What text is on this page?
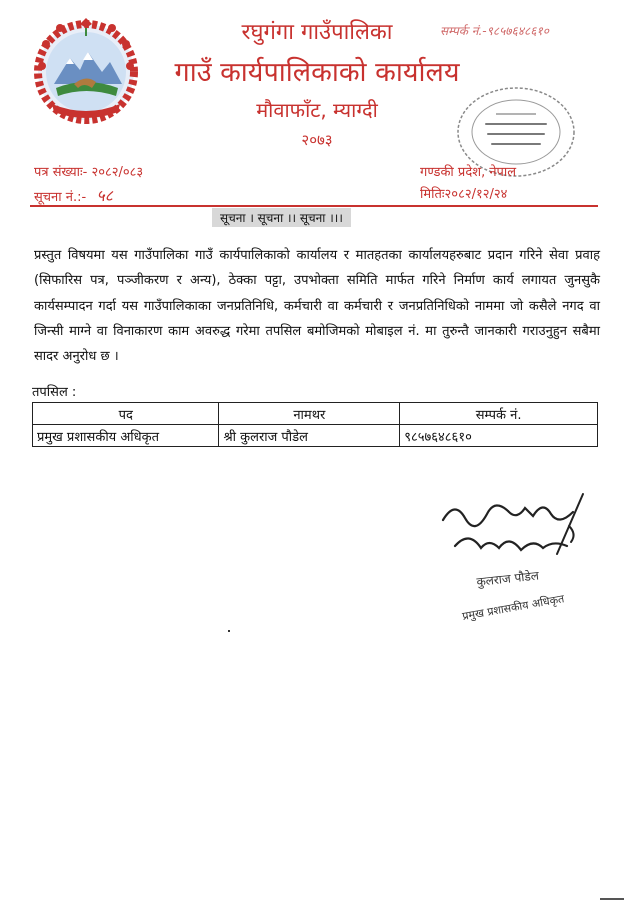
रघुगंगा गाउँपालिका
गाउँ कार्यपालिकाको कार्यालय
मौवाफाँट, म्याग्दी
२०७३
सम्पर्क नं.-९८५७६४८६१०
पत्र संख्याः- २०८२/०८३
सूचना नं.:- ५८
गण्डकी प्रदेश, नेपाल
मितिः२०८२/१२/२४
सूचना । सूचना ।। सूचना ।।।
प्रस्तुत विषयमा यस गाउँपालिका गाउँ कार्यपालिकाको कार्यालय र मातहतका कार्यालयहरुबाट प्रदान गरिने सेवा प्रवाह (सिफारिस पत्र, पञ्जीकरण र अन्य), ठेक्का पट्टा, उपभोक्ता समिति मार्फत गरिने निर्माण कार्य लगायत जुनसुकै कार्यसम्पादन गर्दा यस गाउँपालिकाका जनप्रतिनिधि, कर्मचारी वा कर्मचारी र जनप्रतिनिधिको नाममा जो कसैले नगद वा जिन्सी माग्ने वा विनाकारण काम अवरुद्ध गरेमा तपसिल बमोजिमको मोबाइल नं. मा तुरुन्तै जानकारी गराउनुहुन सबैमा सादर अनुरोध छ ।
तपसिल :
पद	नामथर	सम्पर्क नं.
प्रमुख प्रशासकीय अधिकृत	श्री कुलराज पौडेल	९८५७६४८६१०
कुलराज पौडेल
प्रमुख प्रशासकीय अधिकृत
